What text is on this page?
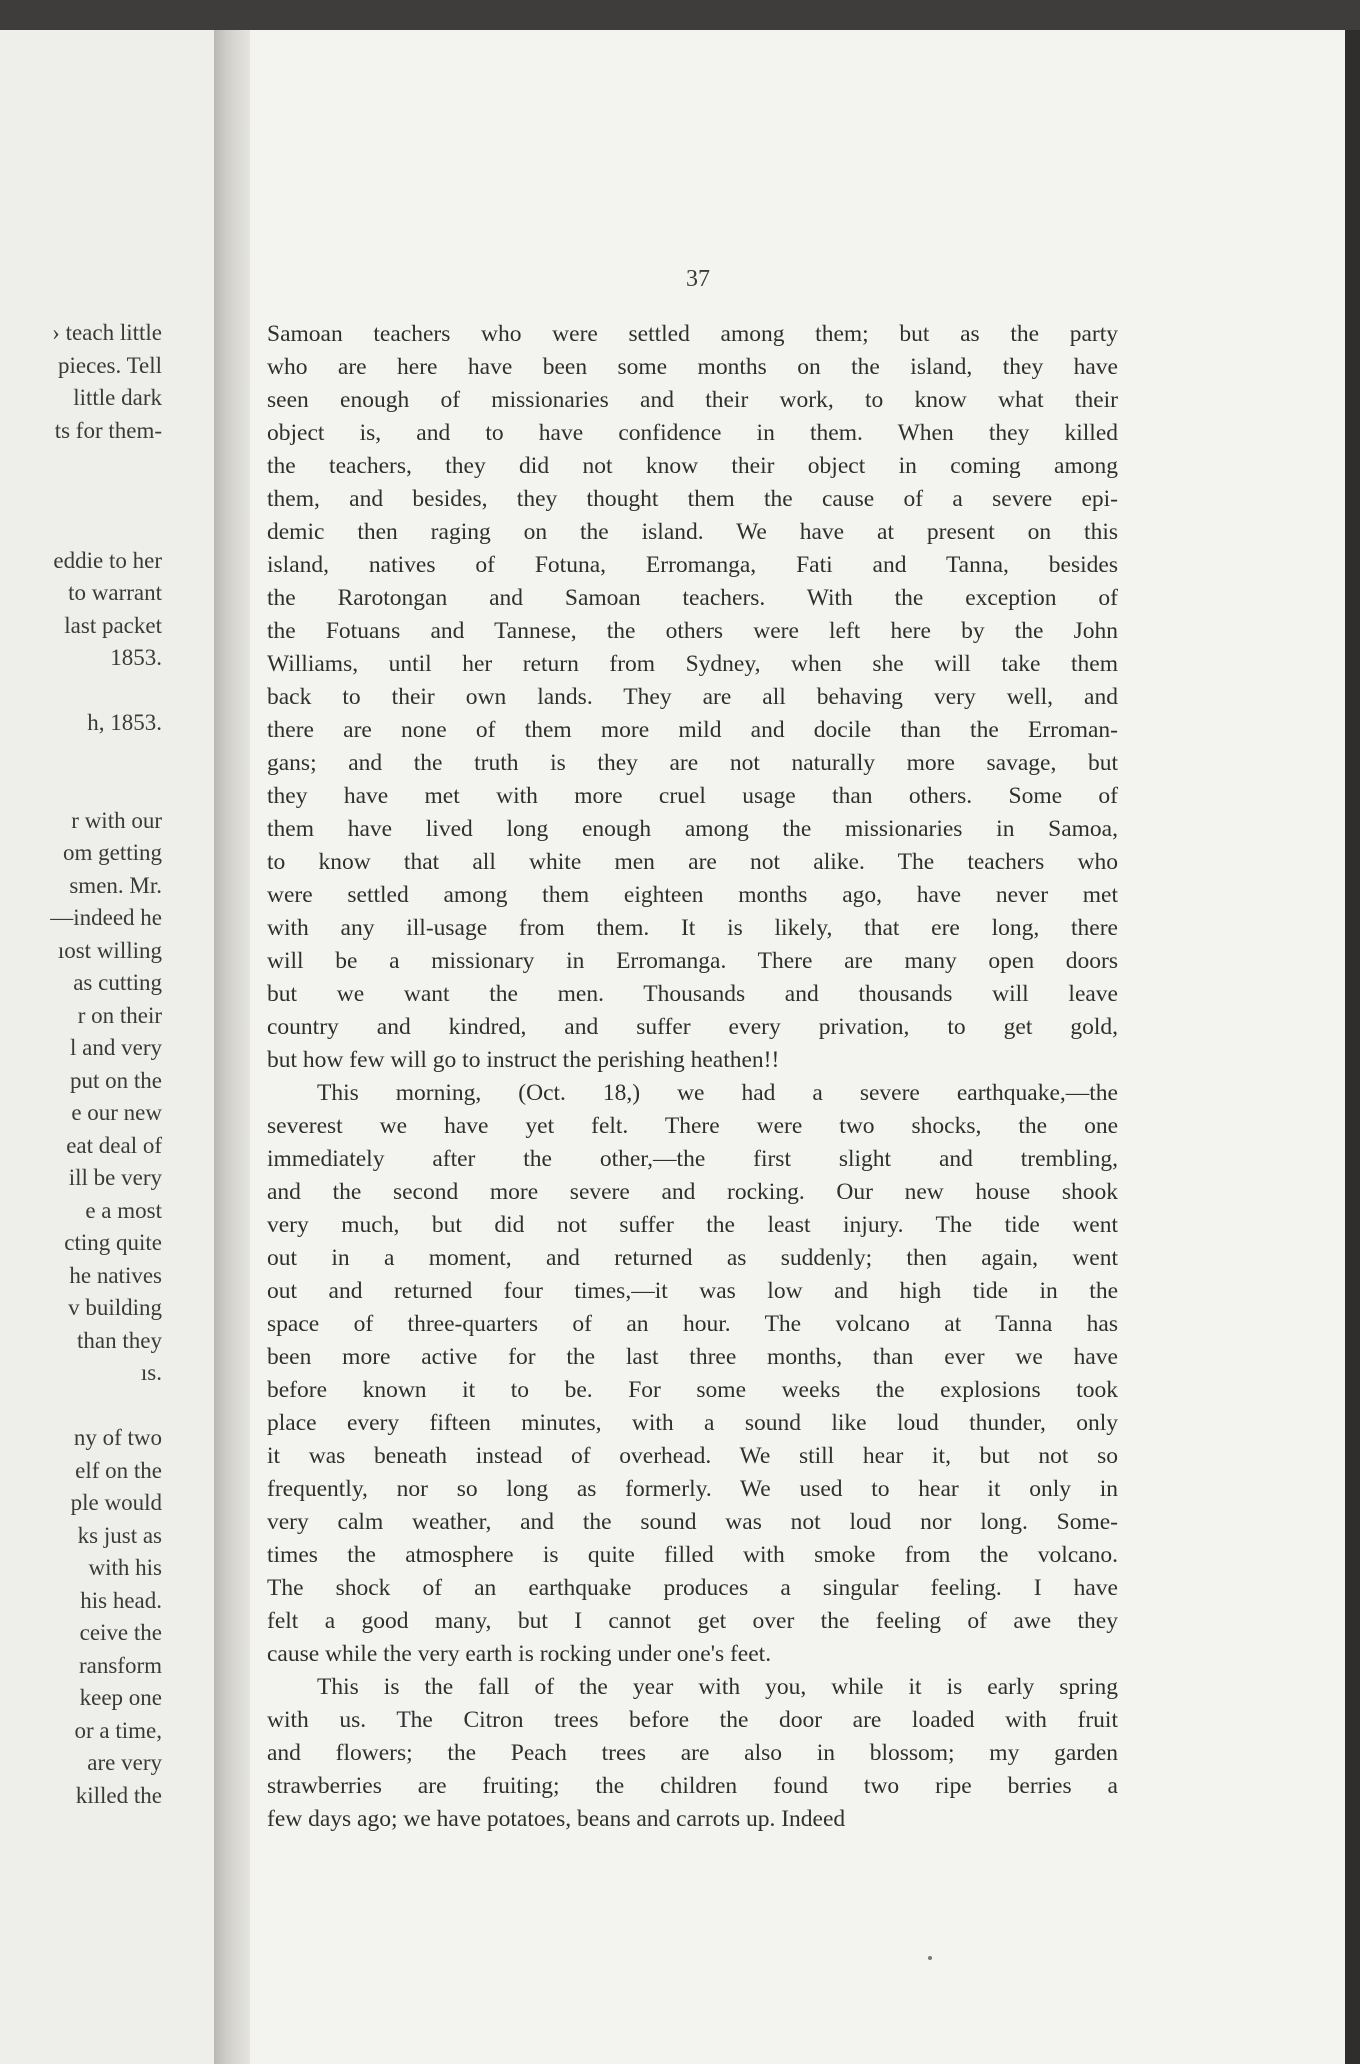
› teach little
pieces. Tell
little dark
ts for them-
eddie to her
to warrant
last packet
1853.
h, 1853.
r with our
om getting
smen. Mr.
—indeed he
ıost willing
as cutting
r on their
l and very
put on the
e our new
eat deal of
ill be very
e a most
cting quite
he natives
v building
than they
ıs.
ny of two
elf on the
ple would
ks just as
with his
his head.
ceive the
ransform
keep one
or a time,
are very
killed the
37
Samoan teachers who were settled among them; but as the party
who are here have been some months on the island, they have
seen enough of missionaries and their work, to know what their
object is, and to have confidence in them. When they killed
the teachers, they did not know their object in coming among
them, and besides, they thought them the cause of a severe epi-
demic then raging on the island. We have at present on this
island, natives of Fotuna, Erromanga, Fati and Tanna, besides
the Rarotongan and Samoan teachers. With the exception of
the Fotuans and Tannese, the others were left here by the John
Williams, until her return from Sydney, when she will take them
back to their own lands. They are all behaving very well, and
there are none of them more mild and docile than the Erroman-
gans; and the truth is they are not naturally more savage, but
they have met with more cruel usage than others. Some of
them have lived long enough among the missionaries in Samoa,
to know that all white men are not alike. The teachers who
were settled among them eighteen months ago, have never met
with any ill-usage from them. It is likely, that ere long, there
will be a missionary in Erromanga. There are many open doors
but we want the men. Thousands and thousands will leave
country and kindred, and suffer every privation, to get gold,
but how few will go to instruct the perishing heathen!!
This morning, (Oct. 18,) we had a severe earthquake,—the
severest we have yet felt. There were two shocks, the one
immediately after the other,—the first slight and trembling,
and the second more severe and rocking. Our new house shook
very much, but did not suffer the least injury. The tide went
out in a moment, and returned as suddenly; then again, went
out and returned four times,—it was low and high tide in the
space of three-quarters of an hour. The volcano at Tanna has
been more active for the last three months, than ever we have
before known it to be. For some weeks the explosions took
place every fifteen minutes, with a sound like loud thunder, only
it was beneath instead of overhead. We still hear it, but not so
frequently, nor so long as formerly. We used to hear it only in
very calm weather, and the sound was not loud nor long. Some-
times the atmosphere is quite filled with smoke from the volcano.
The shock of an earthquake produces a singular feeling. I have
felt a good many, but I cannot get over the feeling of awe they
cause while the very earth is rocking under one's feet.
This is the fall of the year with you, while it is early spring
with us. The Citron trees before the door are loaded with fruit
and flowers; the Peach trees are also in blossom; my garden
strawberries are fruiting; the children found two ripe berries a
few days ago; we have potatoes, beans and carrots up. Indeed
